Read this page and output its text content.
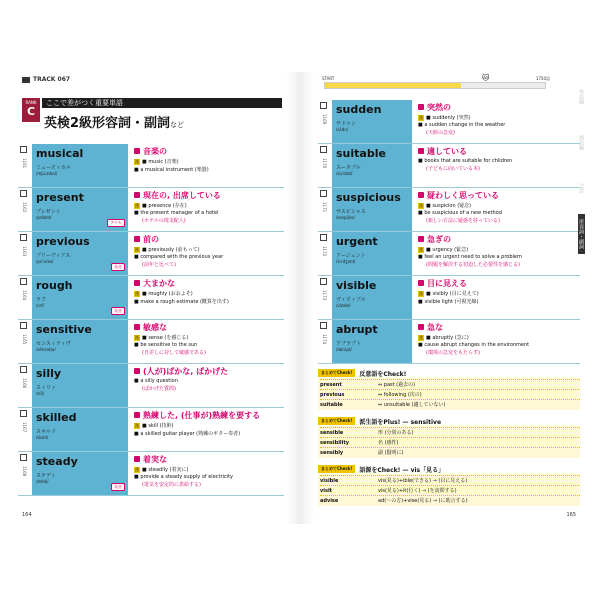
TRACK 067
RANK
C
ここで差がつく重要単語
英検2級形容詞・副詞など
1161
musical
ミューズィカル
/mjúːzɪkəl/
音楽の
派 ■ music (音楽)
■ a musical instrument (楽器)
1162
present
プレゼント
/préznt/
アクセ
現在の, 出席している
派 ■ presence (存在)
■ the present manager of a hotel
(ホテルの現支配人)
1163
previous
プリーヴィアス
/príːviəs/
発音
前の
派 ■ previously (前もって)
■ compared with the previous year
(前年と比べて)
1164
rough
ラフ
/rʌf/
発音
大まかな
派 ■ roughly (おおよそ)
■ make a rough estimate (概算を出す)
1165
sensitive
センスィティヴ
/sénsətɪv/
敏感な
派 ■ sense (を感じる)
■ be sensitive to the sun
(日差しに対して敏感である)
1166
silly
スィリィ
/síli/
(人が)ばかな, ばかげた
■ a silly question
(ばかげた質問)
1167
skilled
スキルド
/skɪld/
熟練した, (仕事が)熟練を要する
派 ■ skill (技術)
■ a skilled guitar player (熟練のギター奏者)
1168
steady
ステディ
/stédi/
発音
着実な
派 ■ steadily (着実に)
■ provide a steady supply of electricity
(電気を安定的に供給する)
164
START	🐱	1750語
1169
sudden
サドゥン
/sʌ́dn/
突然の
派 ■ suddenly (突然)
■ a sudden change in the weather
(天候の急変)
1170
suitable
スータブル
/súːtəbl/
適している
■ books that are suitable for children
(子どもに向いている本)
1171
suspicious
サスピシャス
/səspíʃəs/
疑わしく思っている
派 ■ suspicion (疑念)
■ be suspicious of a new method
(新しい方法に疑惑を持っている)
1172
urgent
アージェント
/ə́ːrdʒənt/
急ぎの
派 ■ urgency (緊急)
■ feel an urgent need to solve a problem
(問題を解決する切迫した必要性を感じる)
1173
visible
ヴィズィブル
/vízəbl/
目に見える
派 ■ visibly (目に見えて)
■ visible light (可視光線)
1174
abrupt
アブラプト
/əbrʌ́pt/
急な
派 ■ abruptly (急に)
■ cause abrupt changes in the environment
(環境の急変をもたらす)
まとめてCheck!	反意語をCheck!
present	⇔ past (過去の)
previous	⇔ following (次の)
suitable	⇔ unsuitable (適していない)
まとめてCheck!	派生語をPlus! — sensitive
sensible	形 (分別のある)
sensibility	名 (感性)
sensibly	副 (賢明に)
まとめてCheck!	語源をCheck! — vis「見る」
visible	vis(見る)+ible(できる) → (目に見える)
visit	vis(見る)+it(行く) → (を訪問する)
advise	ad(〜の方)+vise(見る) → (に助言する)
165
単語編
熟語編
会話
形容詞・副詞
